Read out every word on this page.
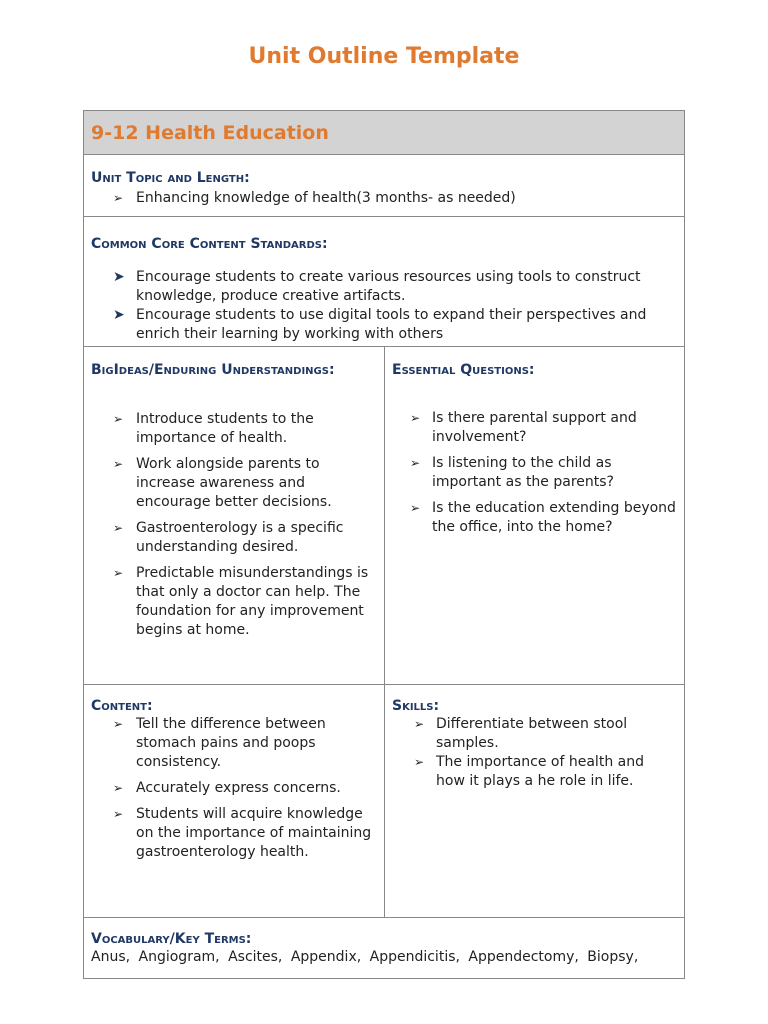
Unit Outline Template
9-12 Health Education
Unit Topic and Length:
➢ Enhancing knowledge of health(3 months- as needed)
Common Core Content Standards:
➤ Encourage students to create various resources using tools to construct knowledge, produce creative artifacts.
➤ Encourage students to use digital tools to expand their perspectives and enrich their learning by working with others
BigIdeas/Enduring Understandings:
➢ Introduce students to the importance of health.
➢ Work alongside parents to increase awareness and encourage better decisions.
➢ Gastroenterology is a specific understanding desired.
➢ Predictable misunderstandings is that only a doctor can help. The foundation for any improvement begins at home.
Essential Questions:
➢ Is there parental support and involvement?
➢ Is listening to the child as important as the parents?
➢ Is the education extending beyond the office, into the home?
Content:
➢ Tell the difference between stomach pains and poops consistency.
➢ Accurately express concerns.
➢ Students will acquire knowledge on the importance of maintaining gastroenterology health.
Skills:
➢ Differentiate between stool samples.
➢ The importance of health and how it plays a he role in life.
Vocabulary/Key Terms:
Anus, Angiogram, Ascites, Appendix, Appendicitis, Appendectomy, Biopsy,
